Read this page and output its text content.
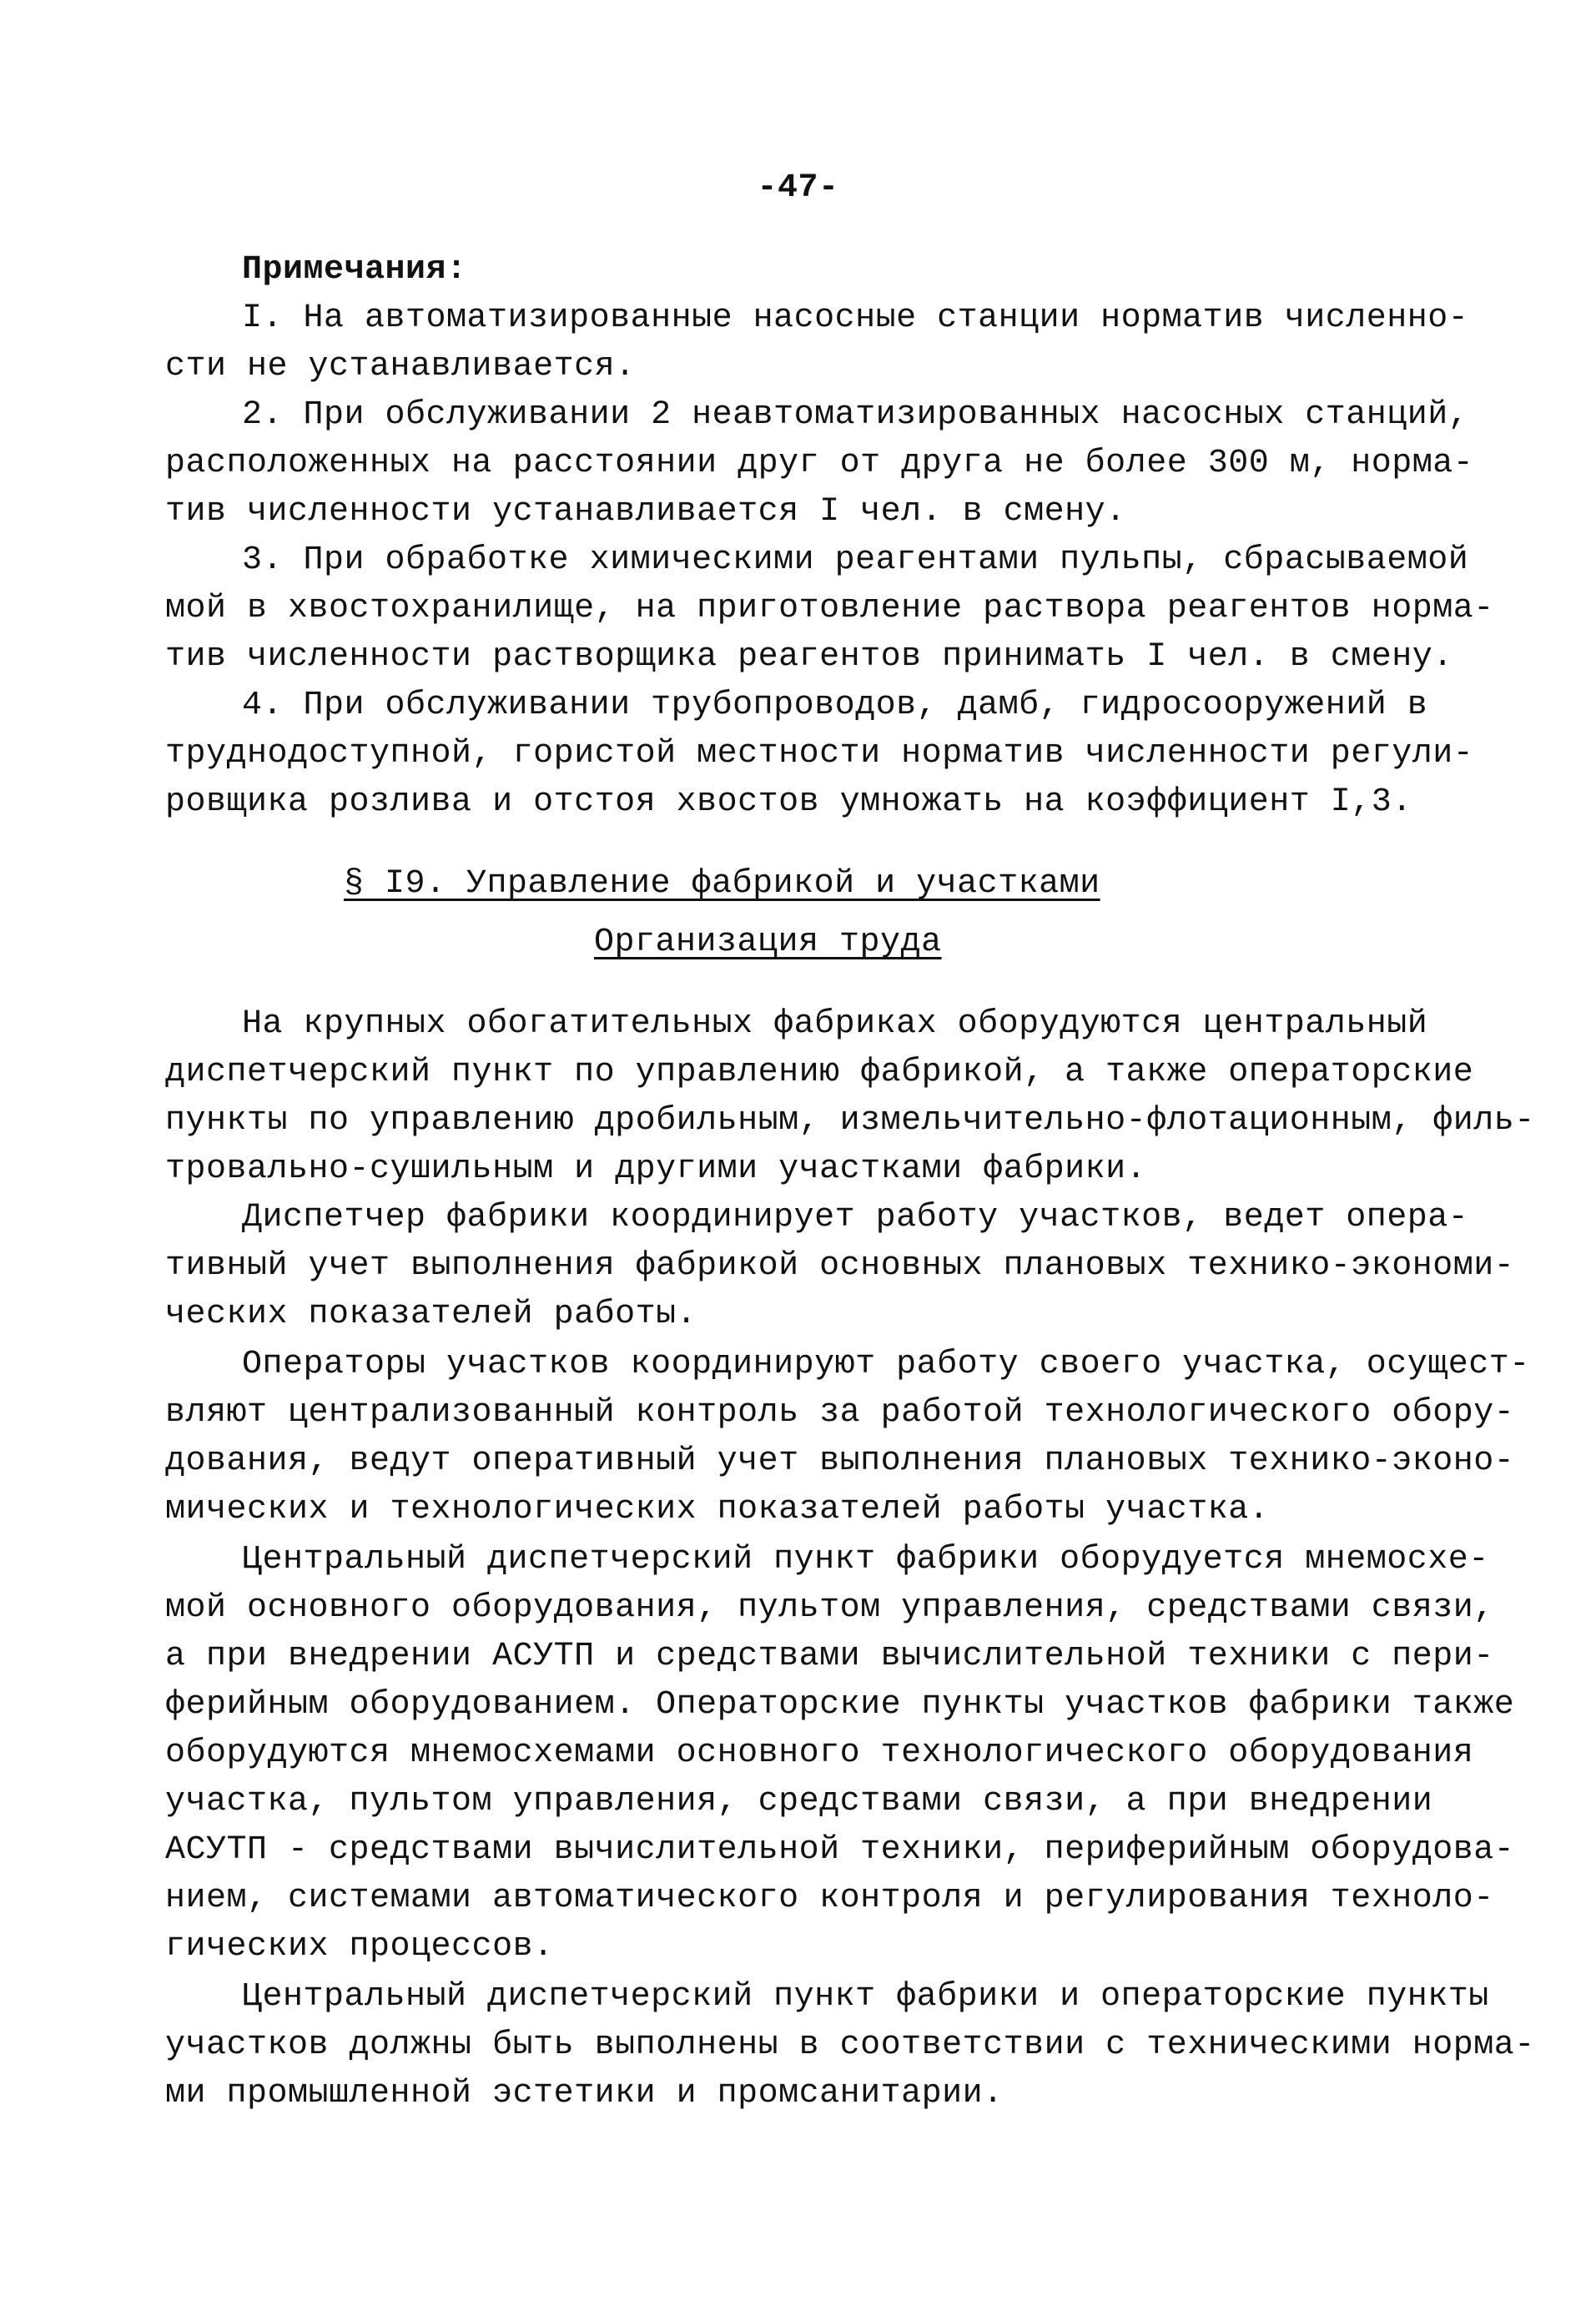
-47-
Примечания:
I. На автоматизированные насосные станции норматив численно-
сти не устанавливается.
2. При обслуживании 2 неавтоматизированных насосных станций,
расположенных на расстоянии друг от друга не более 300 м, норма-
тив численности устанавливается I чел. в смену.
3. При обработке химическими реагентами пульпы, сбрасываемой
мой в хвостохранилище, на приготовление раствора реагентов норма-
тив численности растворщика реагентов принимать I чел. в смену.
4. При обслуживании трубопроводов, дамб, гидросооружений в
труднодоступной, гористой местности норматив численности регули-
ровщика розлива и отстоя хвостов умножать на коэффициент I,3.
§ I9. Управление фабрикой и участками
Организация труда
На крупных обогатительных фабриках оборудуются центральный
диспетчерский пункт по управлению фабрикой, а также операторские
пункты по управлению дробильным, измельчительно-флотационным, филь-
тровально-сушильным и другими участками фабрики.
Диспетчер фабрики координирует работу участков, ведет опера-
тивный учет выполнения фабрикой основных плановых технико-экономи-
ческих показателей работы.
Операторы участков координируют работу своего участка, осущест-
вляют централизованный контроль за работой технологического обору-
дования, ведут оперативный учет выполнения плановых технико-эконо-
мических и технологических показателей работы участка.
Центральный диспетчерский пункт фабрики оборудуется мнемосхе-
мой основного оборудования, пультом управления, средствами связи,
а при внедрении АСУТП и средствами вычислительной техники с пери-
ферийным оборудованием. Операторские пункты участков фабрики также
оборудуются мнемосхемами основного технологического оборудования
участка, пультом управления, средствами связи, а при внедрении
АСУТП - средствами вычислительной техники, периферийным оборудова-
нием, системами автоматического контроля и регулирования техноло-
гических процессов.
Центральный диспетчерский пункт фабрики и операторские пункты
участков должны быть выполнены в соответствии с техническими норма-
ми промышленной эстетики и промсанитарии.
